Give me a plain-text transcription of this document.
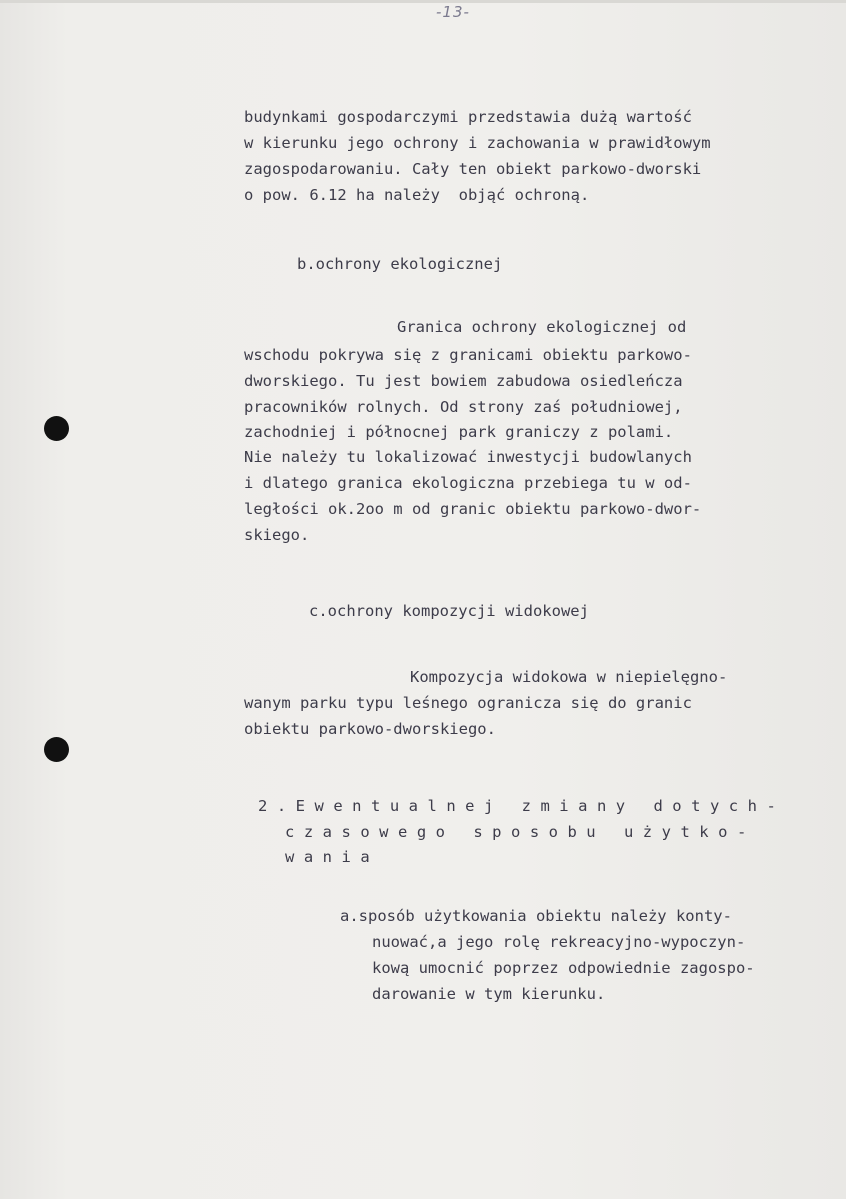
-13-
budynkami gospodarczymi przedstawia dużą wartość
w kierunku jego ochrony i zachowania w prawidłowym
zagospodarowaniu. Cały ten obiekt parkowo-dworski
o pow. 6.12 ha należy  objąć ochroną.
b.ochrony ekologicznej
Granica ochrony ekologicznej od
wschodu pokrywa się z granicami obiektu parkowo-
dworskiego. Tu jest bowiem zabudowa osiedleńcza
pracowników rolnych. Od strony zaś południowej,
zachodniej i północnej park graniczy z polami.
Nie należy tu lokalizować inwestycji budowlanych
i dlatego granica ekologiczna przebiega tu w od-
ległości ok.2oo m od granic obiektu parkowo-dwor-
skiego.
c.ochrony kompozycji widokowej
Kompozycja widokowa w niepielęgno-
wanym parku typu leśnego ogranicza się do granic
obiektu parkowo-dworskiego.
2.Ewentualnej zmiany dotych-
czasowego sposobu użytko-
wania
a.sposób użytkowania obiektu należy konty-
nuować,a jego rolę rekreacyjno-wypoczyn-
kową umocnić poprzez odpowiednie zagospo-
darowanie w tym kierunku.
